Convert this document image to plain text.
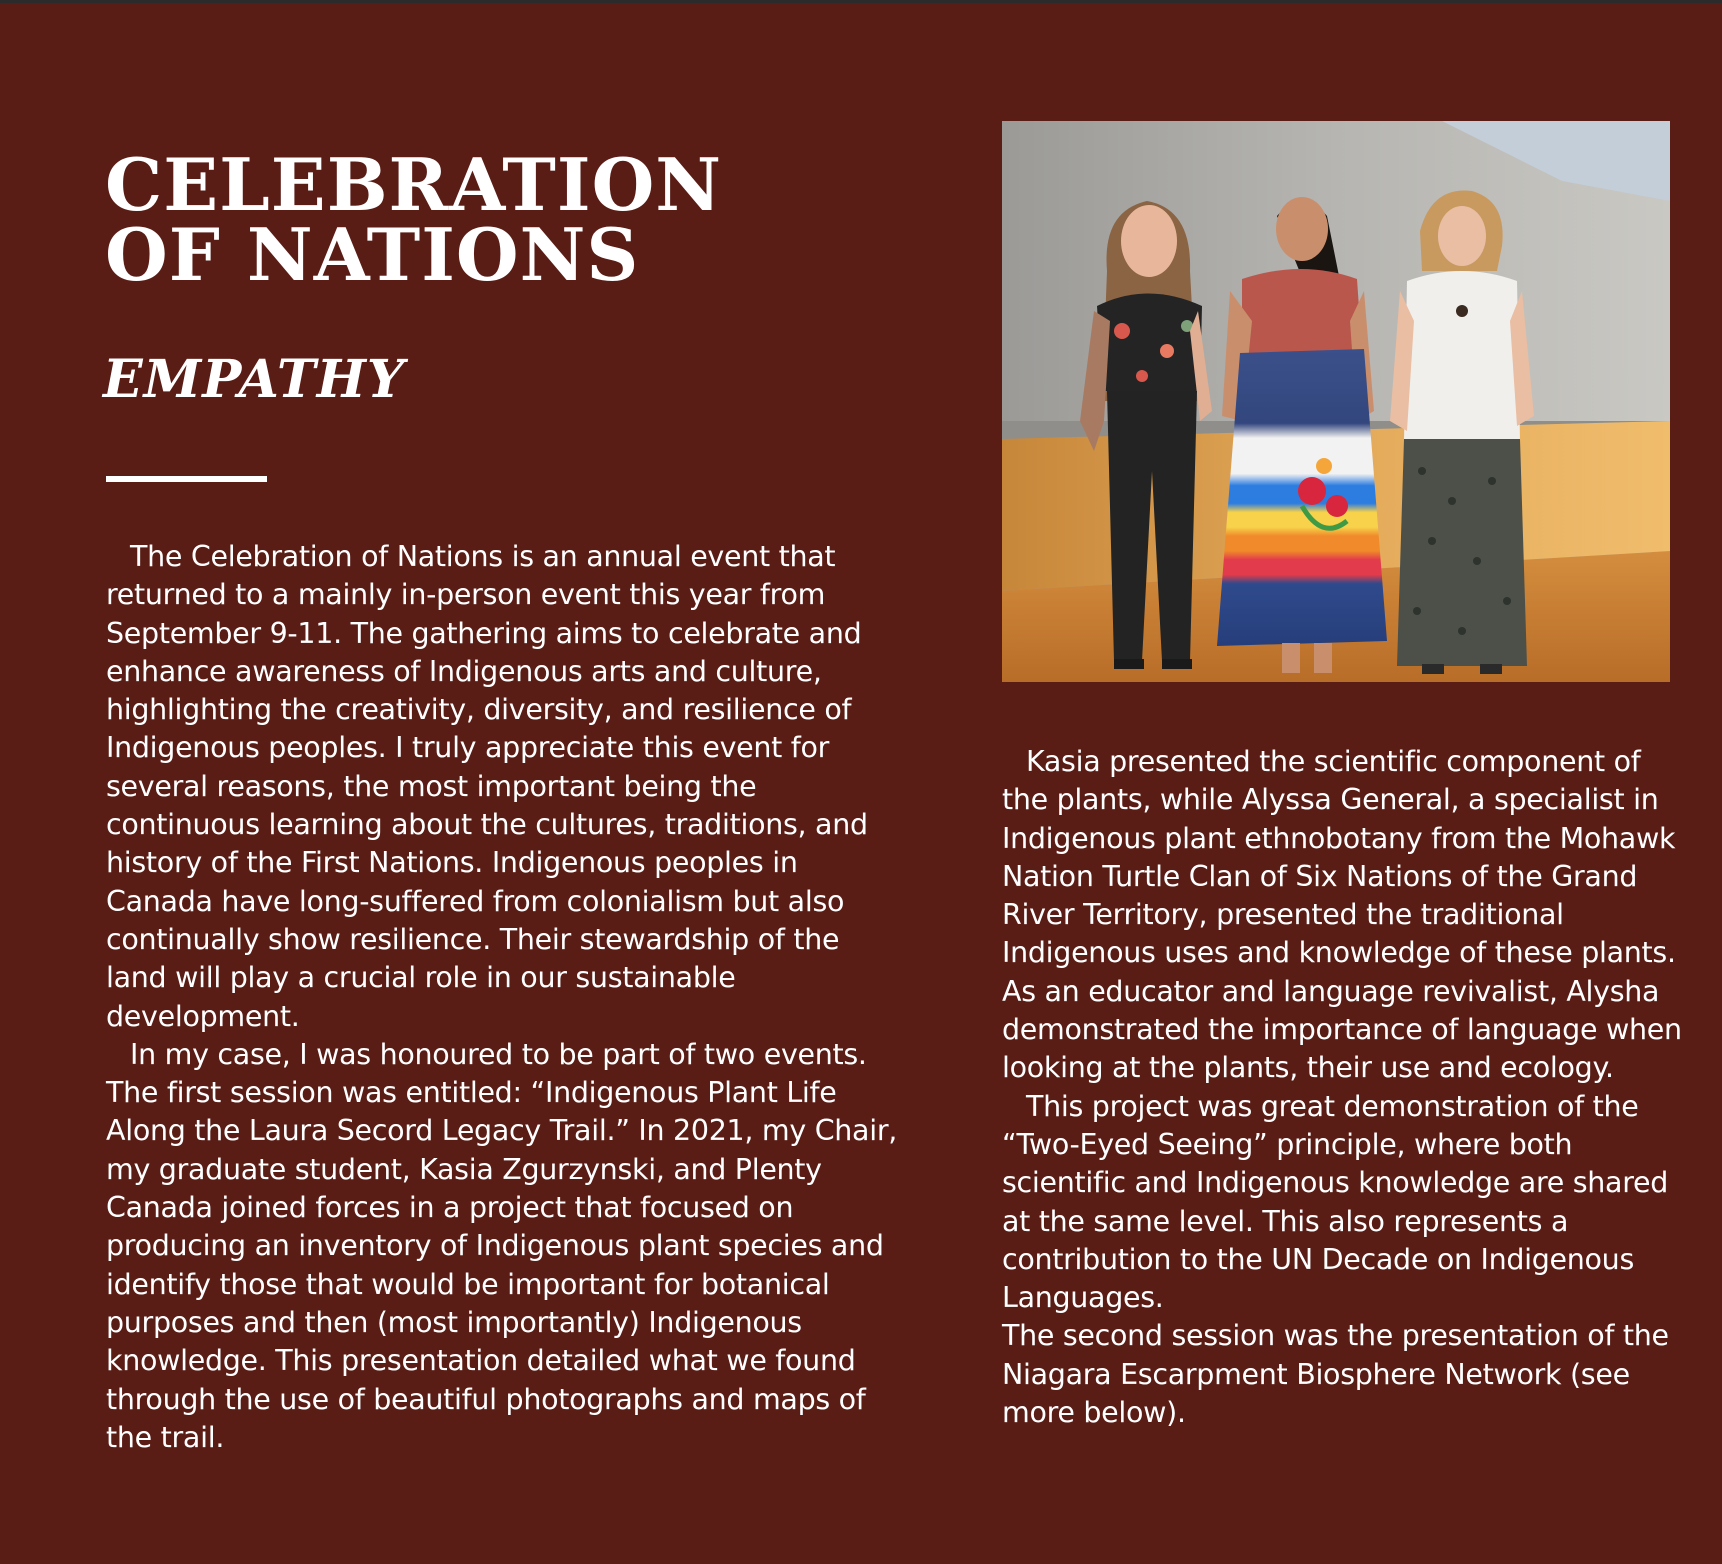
CELEBRATION
OF NATIONS
EMPATHY

The Celebration of Nations is an annual event that returned to a mainly in-person event this year from September 9-11. The gathering aims to celebrate and enhance awareness of Indigenous arts and culture, highlighting the creativity, diversity, and resilience of Indigenous peoples. I truly appreciate this event for several reasons, the most important being the continuous learning about the cultures, traditions, and history of the First Nations. Indigenous peoples in Canada have long-suffered from colonialism but also continually show resilience. Their stewardship of the land will play a crucial role in our sustainable development.

In my case, I was honoured to be part of two events. The first session was entitled: “Indigenous Plant Life Along the Laura Secord Legacy Trail.” In 2021, my Chair, my graduate student, Kasia Zgurzynski, and Plenty Canada joined forces in a project that focused on producing an inventory of Indigenous plant species and identify those that would be important for botanical purposes and then (most importantly) Indigenous knowledge. This presentation detailed what we found through the use of beautiful photographs and maps of the trail.

Kasia presented the scientific component of the plants, while Alyssa General, a specialist in Indigenous plant ethnobotany from the Mohawk Nation Turtle Clan of Six Nations of the Grand River Territory, presented the traditional Indigenous uses and knowledge of these plants. As an educator and language revivalist, Alysha demonstrated the importance of language when looking at the plants, their use and ecology.

This project was great demonstration of the “Two-Eyed Seeing” principle, where both scientific and Indigenous knowledge are shared at the same level. This also represents a contribution to the UN Decade on Indigenous Languages.

The second session was the presentation of the Niagara Escarpment Biosphere Network (see more below).
